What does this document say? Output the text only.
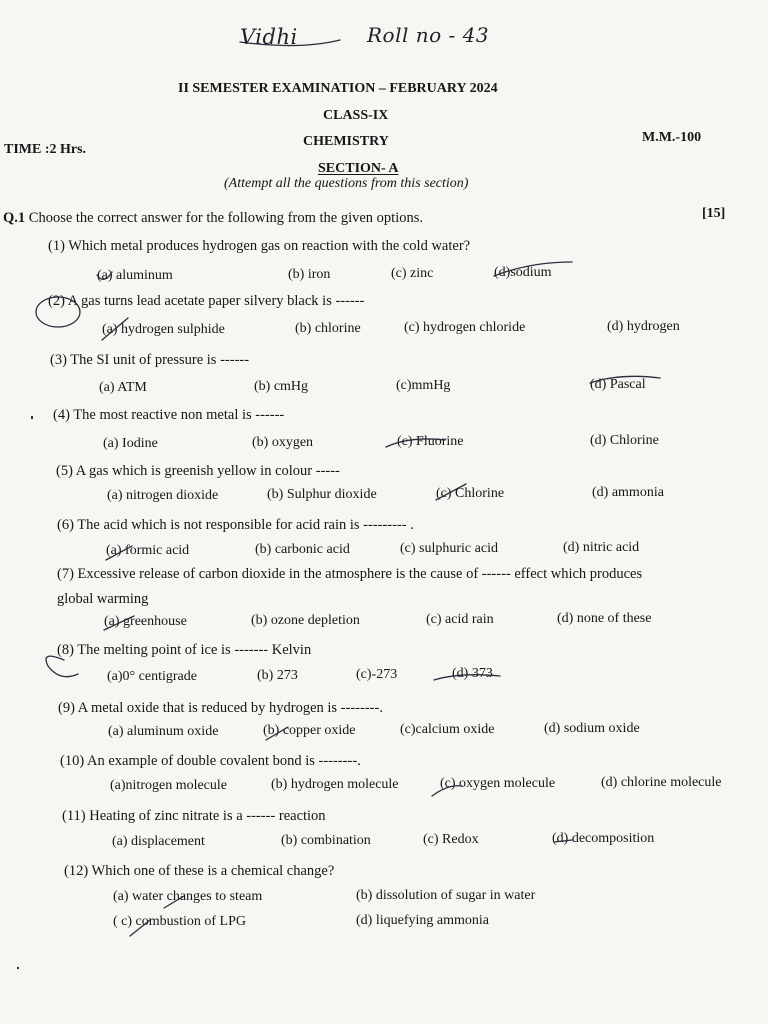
Vidhi	Roll no - 43
II SEMESTER EXAMINATION – FEBRUARY 2024
CLASS-IX
TIME :2 Hrs.
CHEMISTRY	M.M.-100
SECTION- A
(Attempt all the questions from this section)
Q.1 Choose the correct answer for the following from the given options.	[15]
(1) Which metal produces hydrogen gas on reaction with the cold water?
(a) aluminum	(b) iron	(c) zinc	(d)sodium
(2) A gas turns lead acetate paper silvery black is ------
(a) hydrogen sulphide	(b) chlorine	(c) hydrogen chloride	(d) hydrogen
(3) The SI unit of pressure is ------
(a) ATM	(b) cmHg	(c)mmHg	(d) Pascal
(4) The most reactive non metal is ------
(a) Iodine	(b) oxygen	(c) Fluorine	(d) Chlorine
(5) A gas which is greenish yellow in colour -----
(a) nitrogen dioxide	(b) Sulphur dioxide	(c) Chlorine	(d) ammonia
(6) The acid which is not responsible for acid rain is --------- .
(a) formic acid	(b) carbonic acid	(c) sulphuric acid	(d) nitric acid
(7) Excessive release of carbon dioxide in the atmosphere is the cause of ------ effect which produces
global warming
(a) greenhouse	(b) ozone depletion	(c) acid rain	(d) none of these
(8) The melting point of ice is ------- Kelvin
(a)0° centigrade	(b) 273	(c)-273	(d) 373
(9) A metal oxide that is reduced by hydrogen is --------.
(a) aluminum oxide	(b) copper oxide	(c)calcium oxide	(d) sodium oxide
(10) An example of double covalent bond is --------.
(a)nitrogen molecule	(b) hydrogen molecule	(c) oxygen molecule	(d) chlorine molecule
(11) Heating of zinc nitrate is a ------ reaction
(a) displacement	(b) combination	(c) Redox	(d) decomposition
(12) Which one of these is a chemical change?
(a) water changes to steam	(b) dissolution of sugar in water
( c) combustion of LPG	(d) liquefying ammonia
